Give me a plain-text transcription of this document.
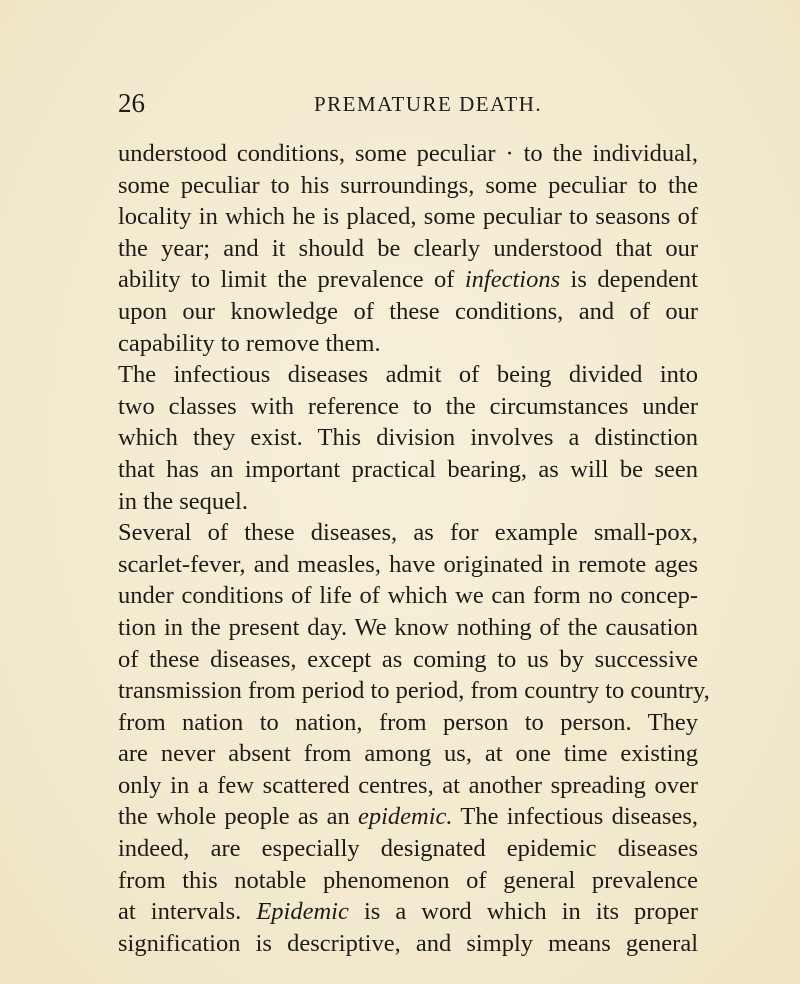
26	PREMATURE DEATH.
understood conditions, some peculiar · to the individual,
some peculiar to his surroundings, some peculiar to the
locality in which he is placed, some peculiar to seasons of
the year; and it should be clearly understood that our
ability to limit the prevalence of infections is dependent
upon our knowledge of these conditions, and of our
capability to remove them.
The infectious diseases admit of being divided into
two classes with reference to the circumstances under
which they exist. This division involves a distinction
that has an important practical bearing, as will be seen
in the sequel.
Several of these diseases, as for example small-pox,
scarlet-fever, and measles, have originated in remote ages
under conditions of life of which we can form no concep-
tion in the present day. We know nothing of the causation
of these diseases, except as coming to us by successive
transmission from period to period, from country to country,
from nation to nation, from person to person. They
are never absent from among us, at one time existing
only in a few scattered centres, at another spreading over
the whole people as an epidemic. The infectious diseases,
indeed, are especially designated epidemic diseases
from this notable phenomenon of general prevalence
at intervals. Epidemic is a word which in its proper
signification is descriptive, and simply means general
